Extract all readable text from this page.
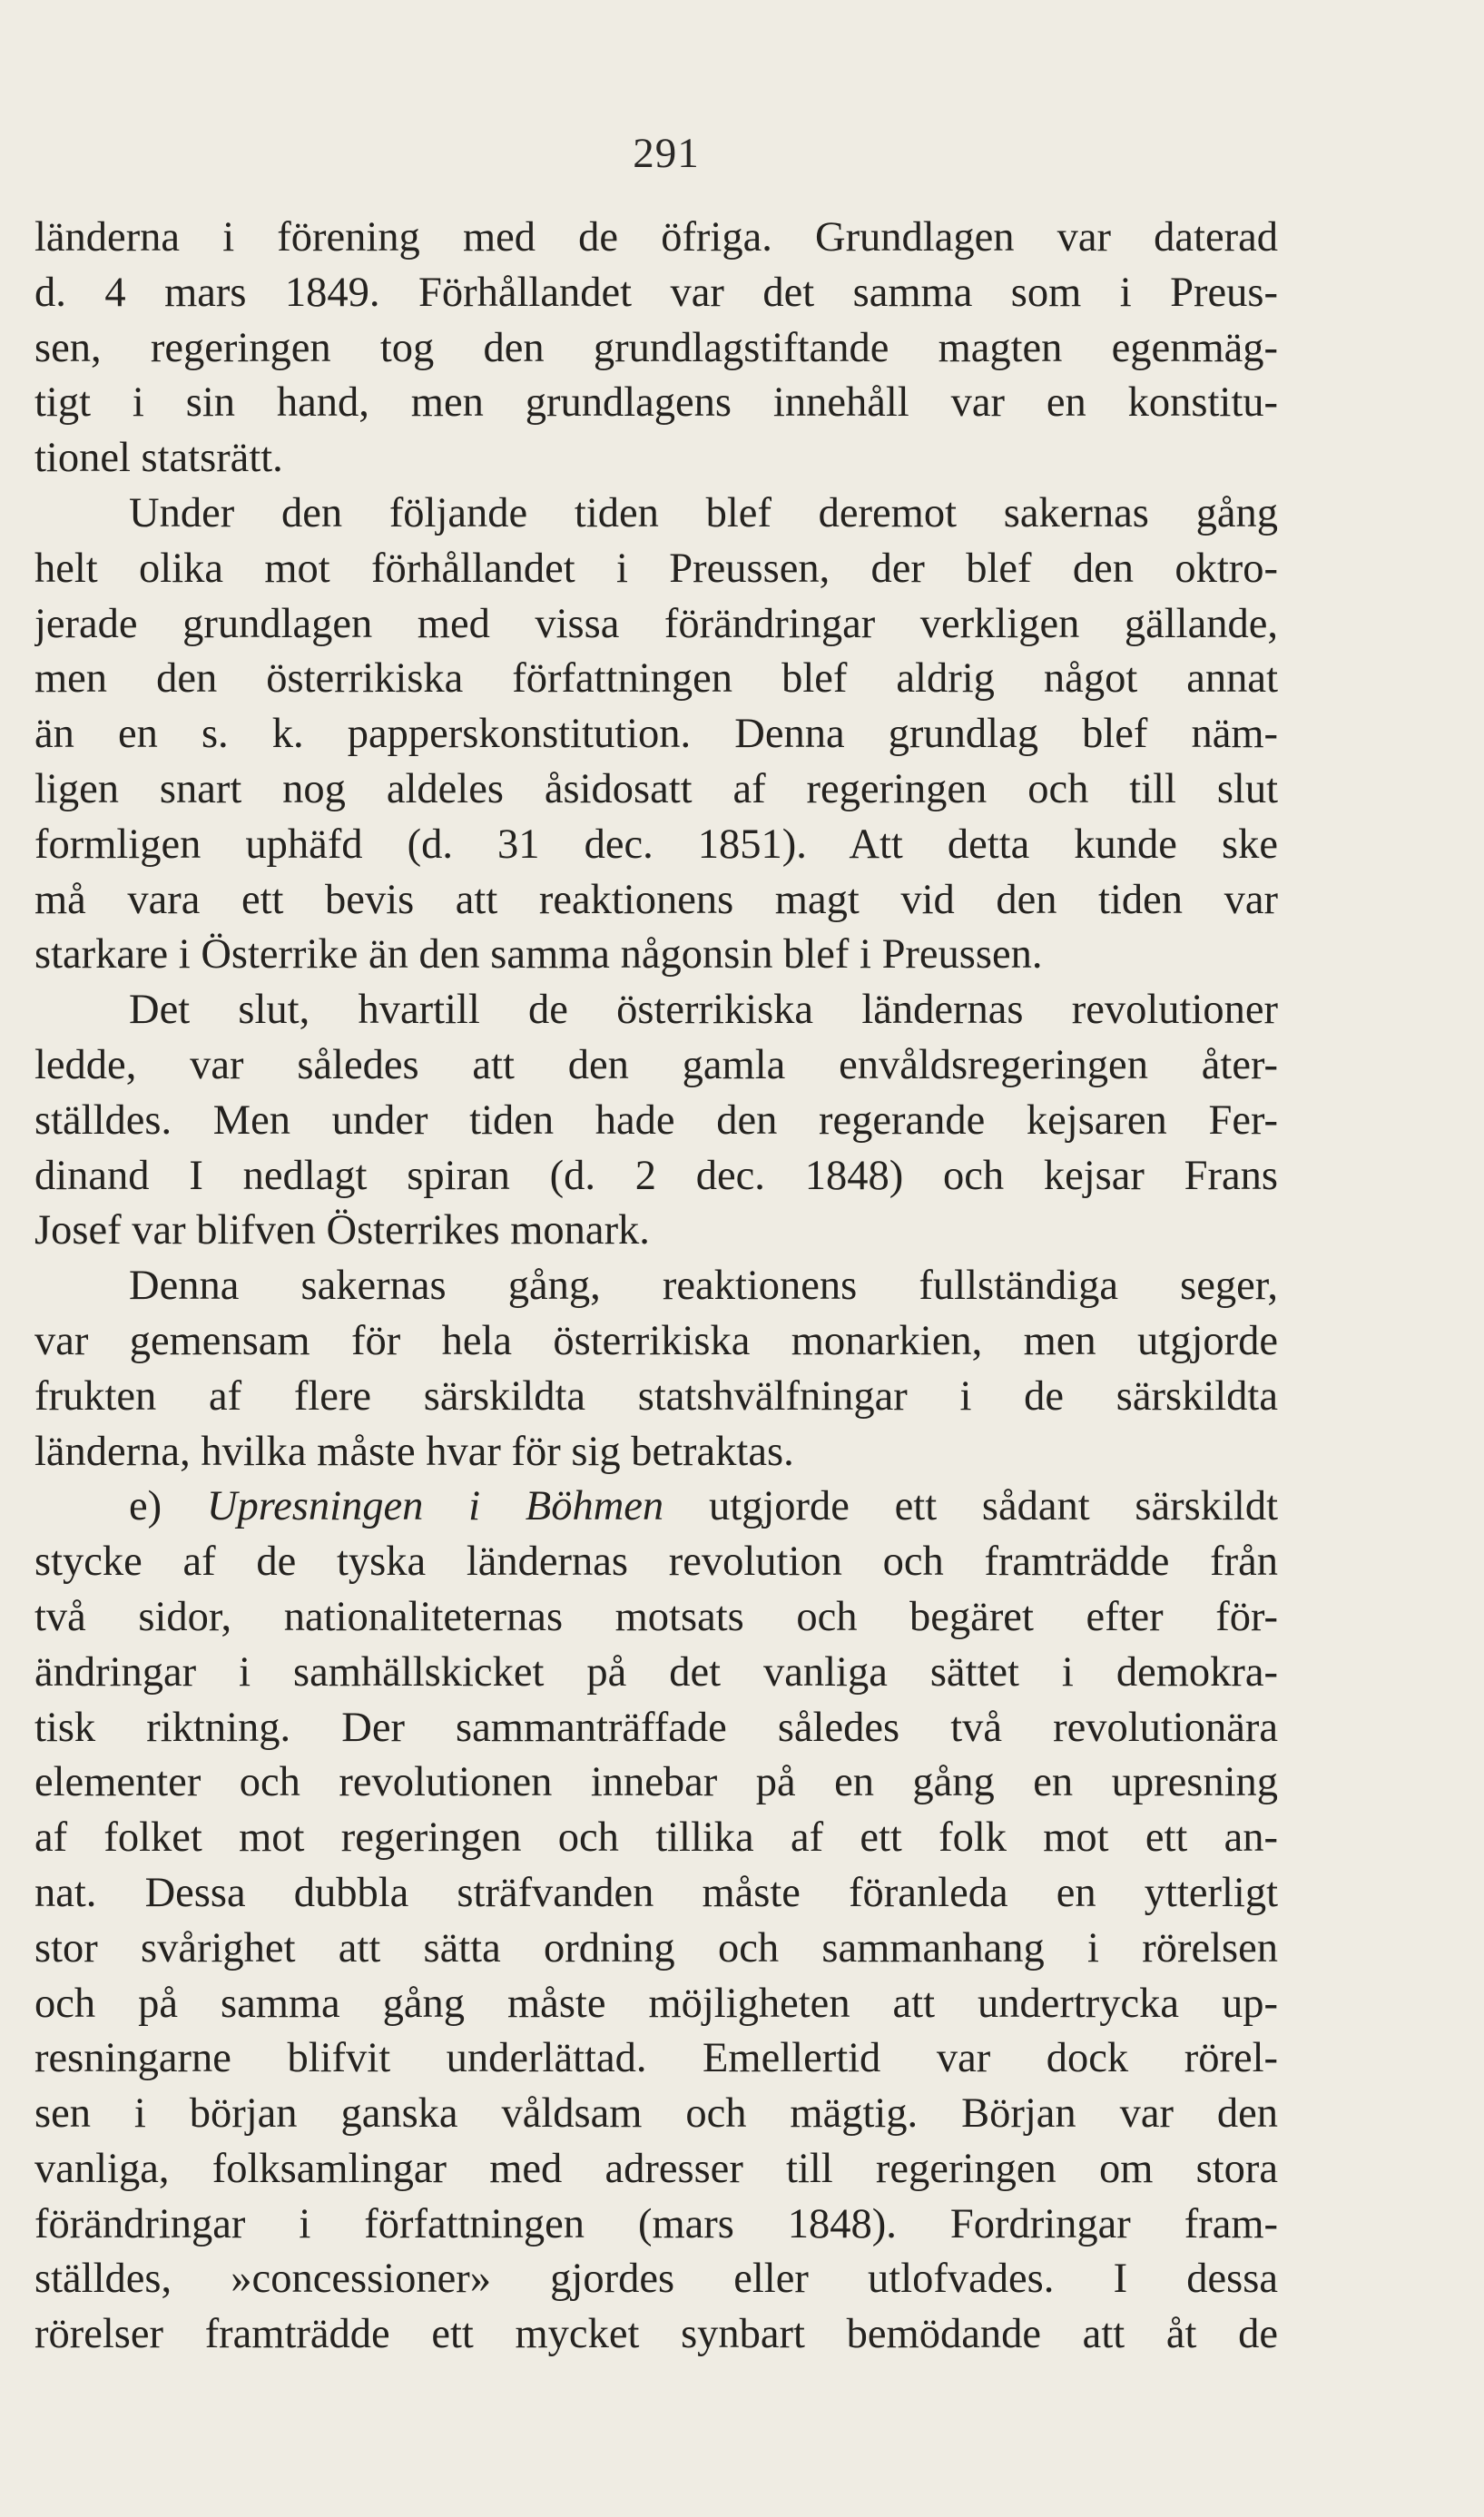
291
länderna i förening med de öfriga. Grundlagen var daterad
d. 4 mars 1849. Förhållandet var det samma som i Preus-
sen, regeringen tog den grundlagstiftande magten egenmäg-
tigt i sin hand, men grundlagens innehåll var en konstitu-
tionel statsrätt.
Under den följande tiden blef deremot sakernas gång
helt olika mot förhållandet i Preussen, der blef den oktro-
jerade grundlagen med vissa förändringar verkligen gällande,
men den österrikiska författningen blef aldrig något annat
än en s. k. papperskonstitution. Denna grundlag blef näm-
ligen snart nog aldeles åsidosatt af regeringen och till slut
formligen uphäfd (d. 31 dec. 1851). Att detta kunde ske
må vara ett bevis att reaktionens magt vid den tiden var
starkare i Österrike än den samma någonsin blef i Preussen.
Det slut, hvartill de österrikiska ländernas revolutioner
ledde, var således att den gamla envåldsregeringen åter-
ställdes. Men under tiden hade den regerande kejsaren Fer-
dinand I nedlagt spiran (d. 2 dec. 1848) och kejsar Frans
Josef var blifven Österrikes monark.
Denna sakernas gång, reaktionens fullständiga seger,
var gemensam för hela österrikiska monarkien, men utgjorde
frukten af flere särskildta statshvälfningar i de särskildta
länderna, hvilka måste hvar för sig betraktas.
e) Upresningen i Böhmen utgjorde ett sådant särskildt
stycke af de tyska ländernas revolution och framträdde från
två sidor, nationaliteternas motsats och begäret efter för-
ändringar i samhällskicket på det vanliga sättet i demokra-
tisk riktning. Der sammanträffade således två revolutionära
elementer och revolutionen innebar på en gång en upresning
af folket mot regeringen och tillika af ett folk mot ett an-
nat. Dessa dubbla sträfvanden måste föranleda en ytterligt
stor svårighet att sätta ordning och sammanhang i rörelsen
och på samma gång måste möjligheten att undertrycka up-
resningarne blifvit underlättad. Emellertid var dock rörel-
sen i början ganska våldsam och mägtig. Början var den
vanliga, folksamlingar med adresser till regeringen om stora
förändringar i författningen (mars 1848). Fordringar fram-
ställdes, »concessioner» gjordes eller utlofvades. I dessa
rörelser framträdde ett mycket synbart bemödande att åt de
